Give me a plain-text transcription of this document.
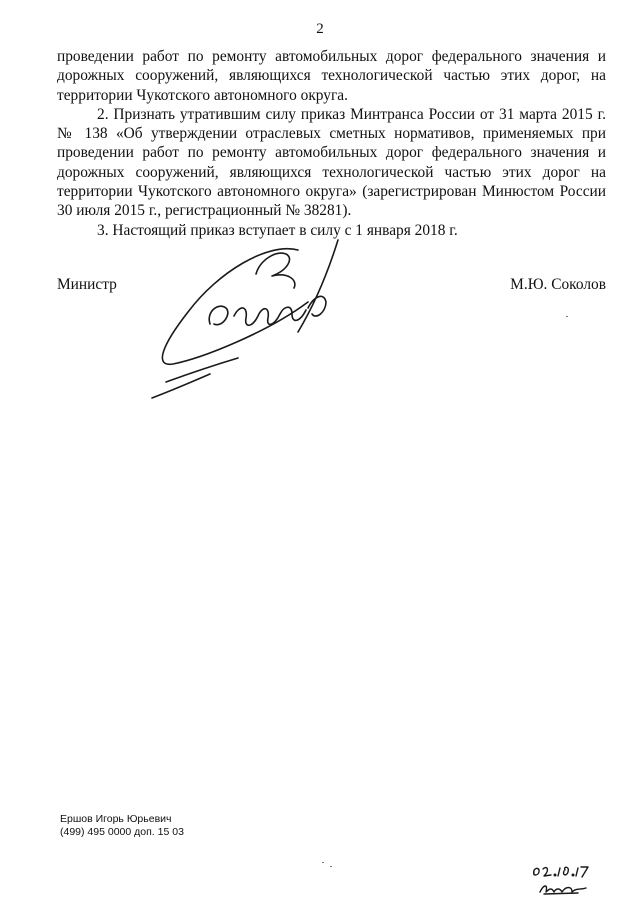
2

проведении работ по ремонту автомобильных дорог федерального значения и дорожных сооружений, являющихся технологической частью этих дорог, на территории Чукотского автономного округа.

2. Признать утратившим силу приказ Минтранса России от 31 марта 2015 г. № 138 «Об утверждении отраслевых сметных нормативов, применяемых при проведении работ по ремонту автомобильных дорог федерального значения и дорожных сооружений, являющихся технологической частью этих дорог на территории Чукотского автономного округа» (зарегистрирован Минюстом России 30 июля 2015 г., регистрационный № 38281).

3. Настоящий приказ вступает в силу с 1 января 2018 г.

Министр	М.Ю. Соколов
Ершов Игорь Юрьевич
(499) 495 0000 доп. 15 03
